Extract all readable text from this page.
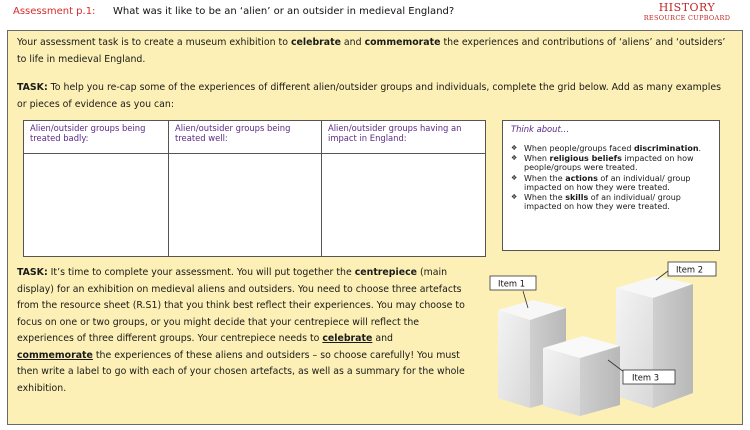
Assessment p.1: What was it like to be an ‘alien’ or an outsider in medieval England?	HISTORY
RESOURCE CUPBOARD
Your assessment task is to create a museum exhibition to celebrate and commemorate the experiences and contributions of ‘aliens’ and ‘outsiders’ to life in medieval England.
TASK: To help you re-cap some of the experiences of different alien/outsider groups and individuals, complete the grid below. Add as many examples or pieces of evidence as you can:
Alien/outsider groups being treated badly:	Alien/outsider groups being treated well:	Alien/outsider groups having an impact in England:

Think about…
❖ When people/groups faced discrimination.
❖ When religious beliefs impacted on how people/groups were treated.
❖ When the actions of an individual/ group impacted on how they were treated.
❖ When the skills of an individual/ group impacted on how they were treated.
TASK: It’s time to complete your assessment. You will put together the centrepiece (main display) for an exhibition on medieval aliens and outsiders. You need to choose three artefacts from the resource sheet (R.S1) that you think best reflect their experiences. You may choose to focus on one or two groups, or you might decide that your centrepiece will reflect the experiences of three different groups. Your centrepiece needs to celebrate and commemorate the experiences of these aliens and outsiders – so choose carefully! You must then write a label to go with each of your chosen artefacts, as well as a summary for the whole exhibition.
Item 1
Item 2
Item 3
